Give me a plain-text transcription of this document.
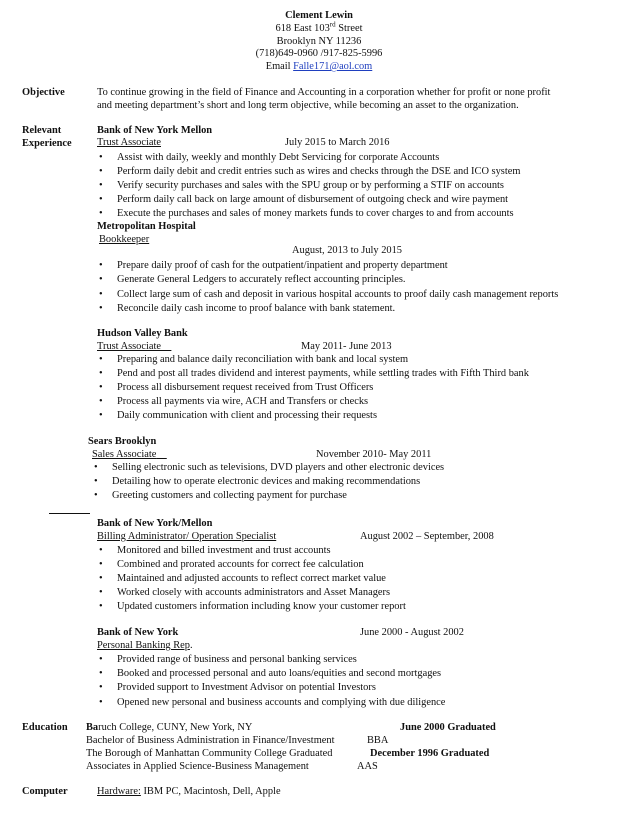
Clement Lewin
618 East 103rd Street
Brooklyn NY 11236
(718)649-0960 /917-825-5996
Email Falle171@aol.com
Objective	To continue growing in the field of Finance and Accounting in a corporation whether for profit or none profit
and meeting department’s short and long term objective, while becoming an asset to the organization.
Relevant
Experience
Bank of New York Mellon
Trust Associate	July 2015 to March 2016
• Assist with daily, weekly and monthly Debt Servicing for corporate Accounts
• Perform daily debit and credit entries such as wires and checks through the DSE and ICO system
• Verify security purchases and sales with the SPU group or by performing a STIF on accounts
• Perform daily call back on large amount of disbursement of outgoing check and wire payment
• Execute the purchases and sales of money markets funds to cover charges to and from accounts
Metropolitan Hospital
Bookkeeper
August, 2013 to July 2015
• Prepare daily proof of cash for the outpatient/inpatient and property department
• Generate General Ledgers to accurately reflect accounting principles.
• Collect large sum of cash and deposit in various hospital accounts to proof daily cash management reports
• Reconcile daily cash income to proof balance with bank statement.
Hudson Valley Bank
Trust Associate	May 2011- June 2013
• Preparing and balance daily reconciliation with bank and local system
• Pend and post all trades dividend and interest payments, while settling trades with Fifth Third bank
• Process all disbursement request received from Trust Officers
• Process all payments via wire, ACH and Transfers or checks
• Daily communication with client and processing their requests
Sears Brooklyn
Sales Associate	November 2010- May 2011
• Selling electronic such as televisions, DVD players and other electronic devices
• Detailing how to operate electronic devices and making recommendations
• Greeting customers and collecting payment for purchase
Bank of New York/Mellon
Billing Administrator/ Operation Specialist	August 2002 – September, 2008
• Monitored and billed investment and trust accounts
• Combined and prorated accounts for correct fee calculation
• Maintained and adjusted accounts to reflect correct market value
• Worked closely with accounts administrators and Asset Managers
• Updated customers information including know your customer report
Bank of New York
Personal Banking Rep.
June 2000 - August 2002
• Provided range of business and personal banking services
• Booked and processed personal and auto loans/equities and second mortgages
• Provided support to Investment Advisor on potential Investors
• Opened new personal and business accounts and complying with due diligence
Education Baruch College, CUNY, New York, NY	June 2000 Graduated
Bachelor of Business Administration in Finance/Investment	BBA
The Borough of Manhattan Community College Graduated	December 1996 Graduated
Associates in Applied Science-Business Management	AAS
Computer	Hardware: IBM PC, Macintosh, Dell, Apple
